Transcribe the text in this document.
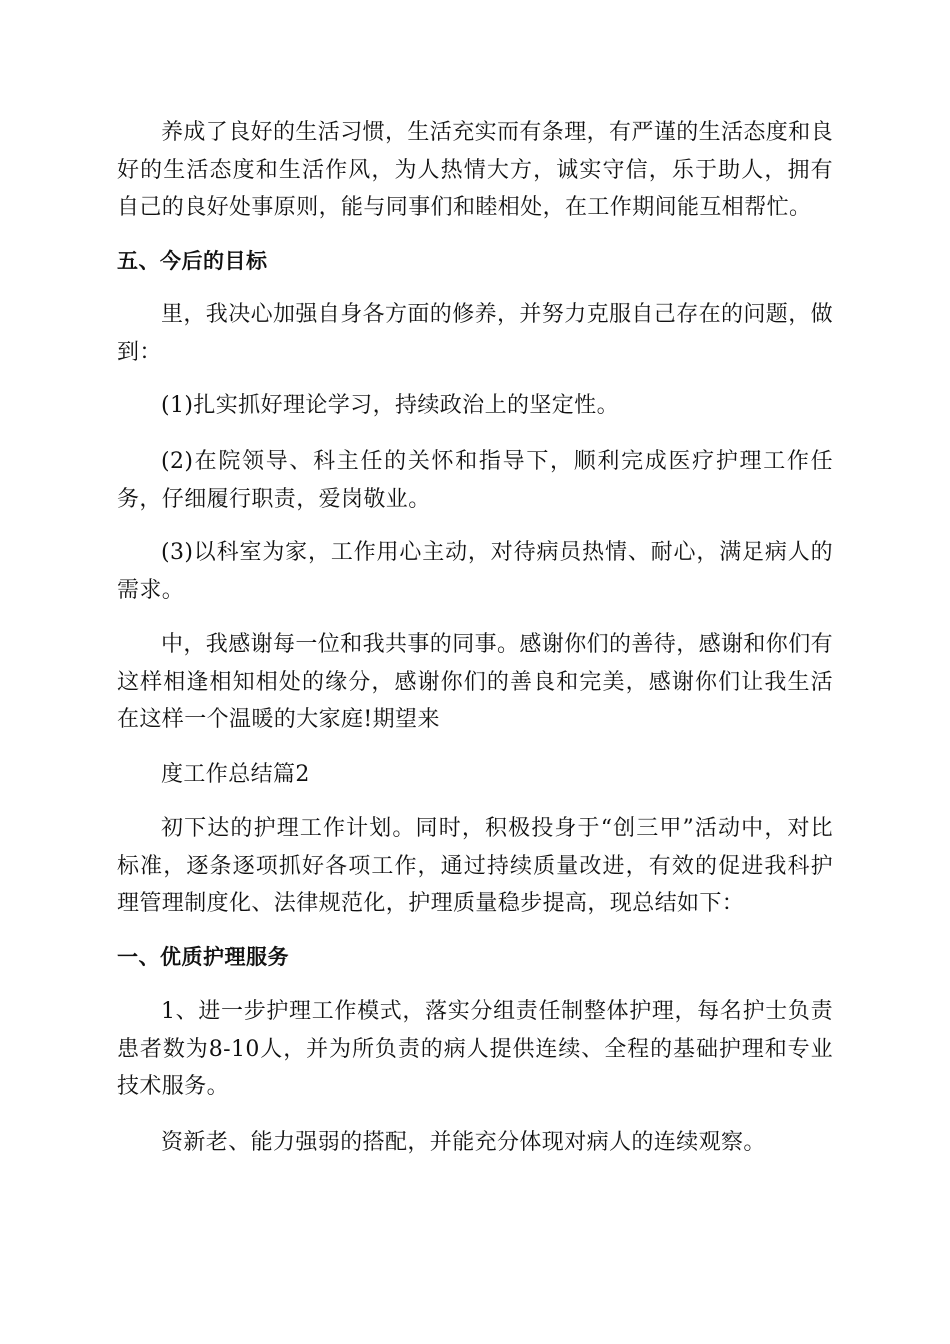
养成了良好的生活习惯，生活充实而有条理，有严谨的生活态度和良好的生活态度和生活作风，为人热情大方，诚实守信，乐于助人，拥有自己的良好处事原则，能与同事们和睦相处，在工作期间能互相帮忙。

五、今后的目标

里，我决心加强自身各方面的修养，并努力克服自己存在的问题，做到：

(1)扎实抓好理论学习，持续政治上的坚定性。

(2)在院领导、科主任的关怀和指导下，顺利完成医疗护理工作任务，仔细履行职责，爱岗敬业。

(3)以科室为家，工作用心主动，对待病员热情、耐心，满足病人的需求。

中，我感谢每一位和我共事的同事。感谢你们的善待，感谢和你们有这样相逢相知相处的缘分，感谢你们的善良和完美，感谢你们让我生活在这样一个温暖的大家庭!期望来

度工作总结篇2

初下达的护理工作计划。同时，积极投身于“创三甲”活动中，对比标准，逐条逐项抓好各项工作，通过持续质量改进，有效的促进我科护理管理制度化、法律规范化，护理质量稳步提高，现总结如下：

一、优质护理服务

1、进一步护理工作模式，落实分组责任制整体护理，每名护士负责患者数为8-10人，并为所负责的病人提供连续、全程的基础护理和专业技术服务。

资新老、能力强弱的搭配，并能充分体现对病人的连续观察。
